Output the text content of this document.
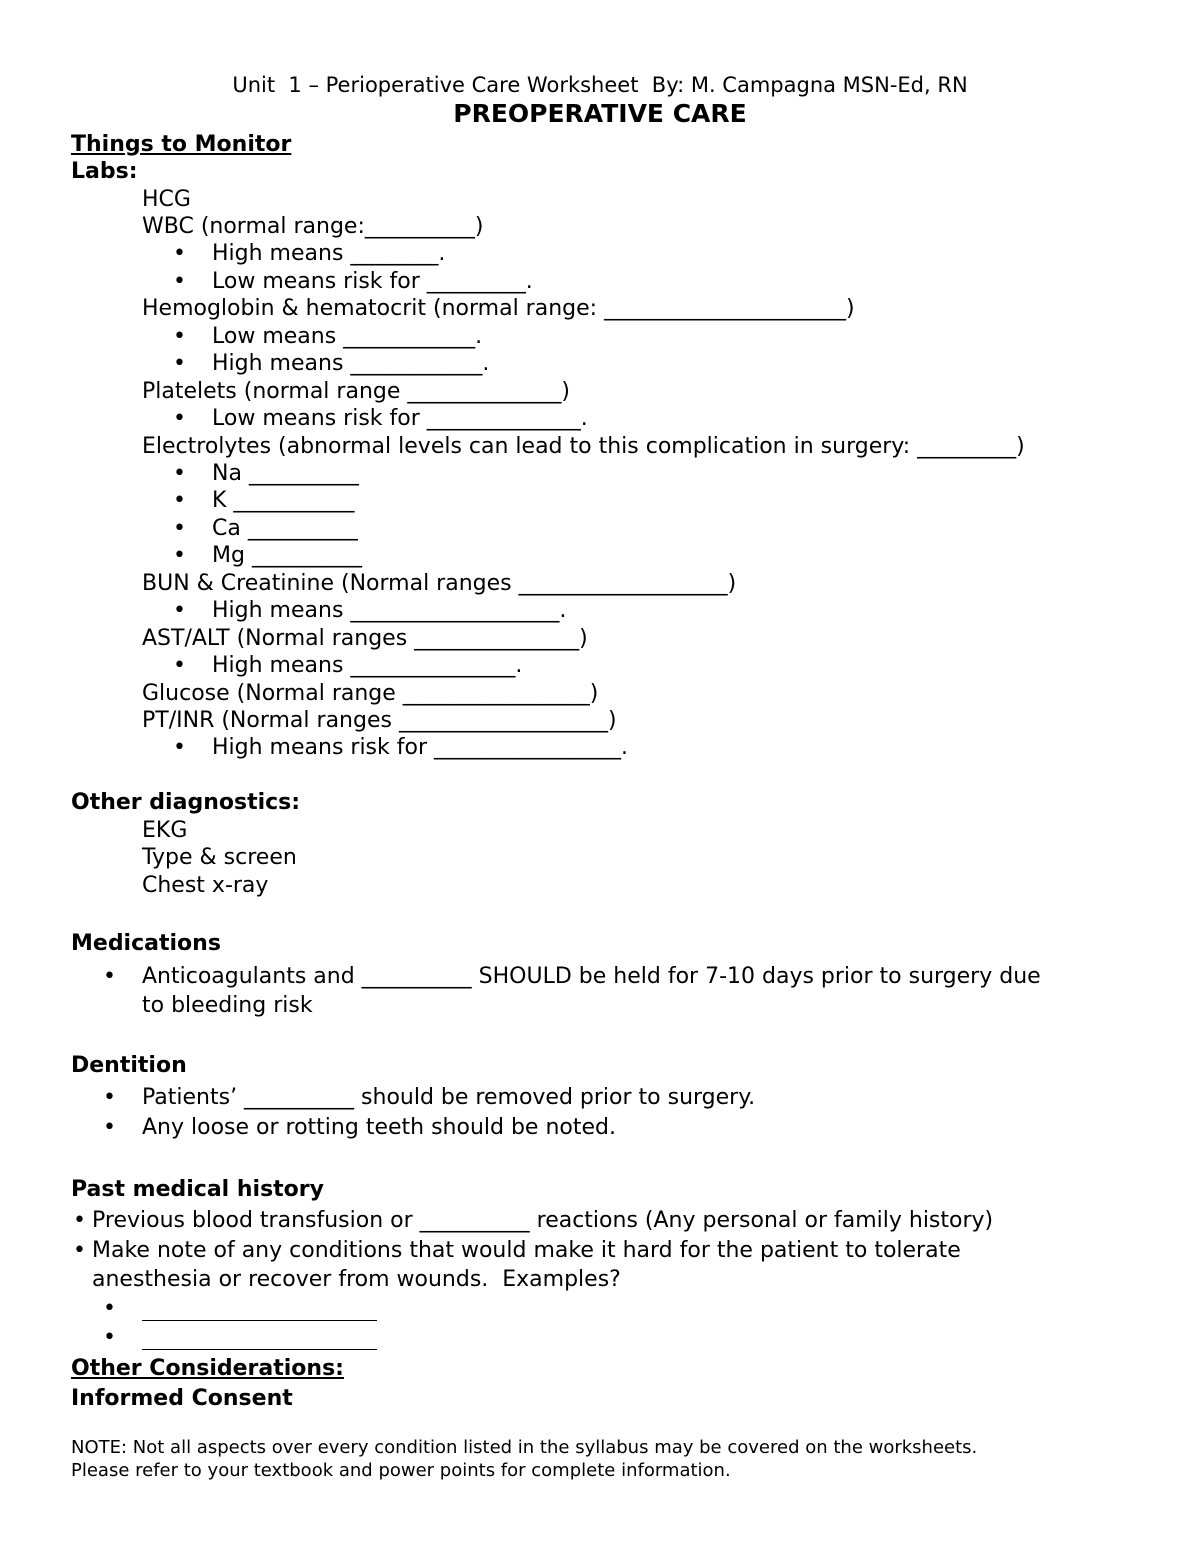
Unit  1 – Perioperative Care Worksheet  By: M. Campagna MSN-Ed, RN
PREOPERATIVE CARE
Things to Monitor
Labs:
HCG
WBC (normal range:__________)
• High means ________.
• Low means risk for _________.
Hemoglobin & hematocrit (normal range: ______________________)
• Low means ____________.
• High means ____________.
Platelets (normal range ______________)
• Low means risk for ______________.
Electrolytes (abnormal levels can lead to this complication in surgery: _________)
• Na __________
• K ___________
• Ca __________
• Mg __________
BUN & Creatinine (Normal ranges ___________________)
• High means ___________________.
AST/ALT (Normal ranges _______________)
• High means _______________.
Glucose (Normal range _________________)
PT/INR (Normal ranges ___________________)
• High means risk for _________________.
Other diagnostics:
EKG
Type & screen
Chest x-ray
Medications
• Anticoagulants and __________ SHOULD be held for 7-10 days prior to surgery due
to bleeding risk
Dentition
• Patients’ __________ should be removed prior to surgery.
• Any loose or rotting teeth should be noted.
Past medical history
• Previous blood transfusion or __________ reactions (Any personal or family history)
• Make note of any conditions that would make it hard for the patient to tolerate
anesthesia or recover from wounds.  Examples?
•
•
Other Considerations:
Informed Consent
NOTE: Not all aspects over every condition listed in the syllabus may be covered on the worksheets.
Please refer to your textbook and power points for complete information.
